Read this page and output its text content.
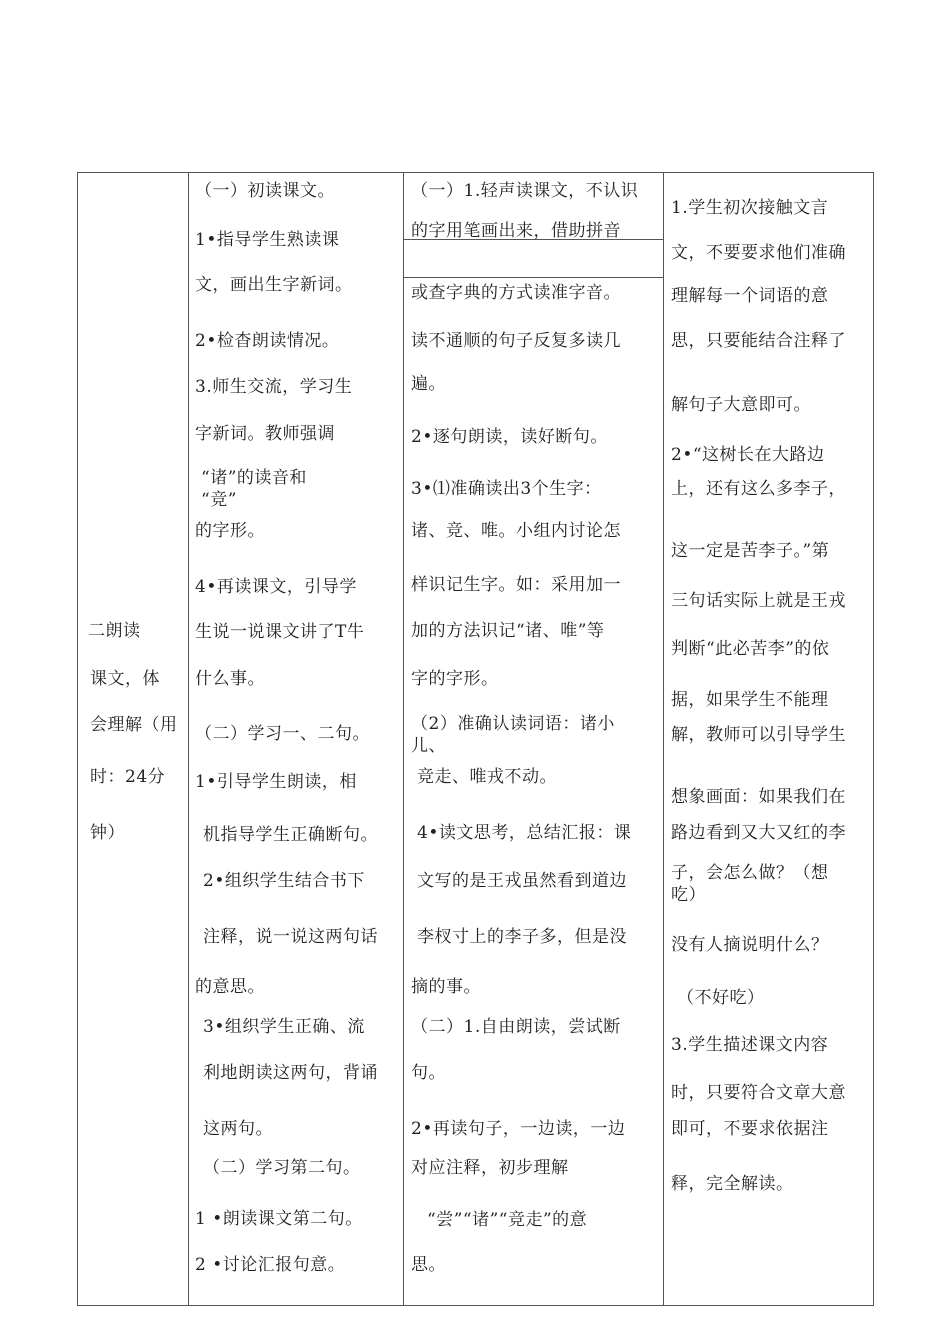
二朗读
课文，体
会理解（用
时：24分
钟）
（一）初读课文。
1•指导学生熟读课
文，画出生字新词。
2•检杳朗读情况。
3.师生交流，学习生
字新词。教师强调
“诸”的读音和
“竞”
的字形。
4•再读课文，引导学
生说一说课文讲了T牛
什么事。
（二）学习一、二句。
1•引导学生朗读，相
机指导学生正确断句。
2•组织学生结合书下
注释，说一说这两句话
的意思。
3•组织学生正确、流
利地朗读这两句，背诵
这两句。
（二）学习第二句。
1 •朗读课文第二句。
2 •讨论汇报句意。
（一）1.轻声读课文，不认识
的字用笔画出来，借助拼音
或查字典的方式读准字音。
读不通顺的句子反复多读几
遍。
2•逐句朗读，读好断句。
3•⑴准确读出3个生字：
诸、竞、唯。小组内讨论怎
样识记生字。如：采用加一
加的方法识记“诸、唯”等
字的字形。
（2）准确认读词语：诸小
儿、
竞走、唯戎不动。
4•读文思考，总结汇报：课
文写的是王戎虽然看到道边
李杈寸上的李子多，但是没
摘的事。
（二）1.自由朗读，尝试断
句。
2•再读句子，一边读，一边
对应注释，初步理解
“尝”“诸”“竞走”的意
思。
1.学生初次接触文言
文，不要要求他们准确
理解每一个词语的意
思，只要能结合注释了
解句子大意即可。
2•“这树长在大路边
上，还有这么多李子，
这一定是苦李子。”第
三句话实际上就是王戎
判断“此必苦李”的依
据，如果学生不能理
解，教师可以引导学生
想象画面：如果我们在
路边看到又大又红的李
子，会怎么做？（想
吃）
没有人摘说明什么？
（不好吃）
3.学生描述课文内容
时，只要符合文章大意
即可，不要求依据注
释，完全解读。
